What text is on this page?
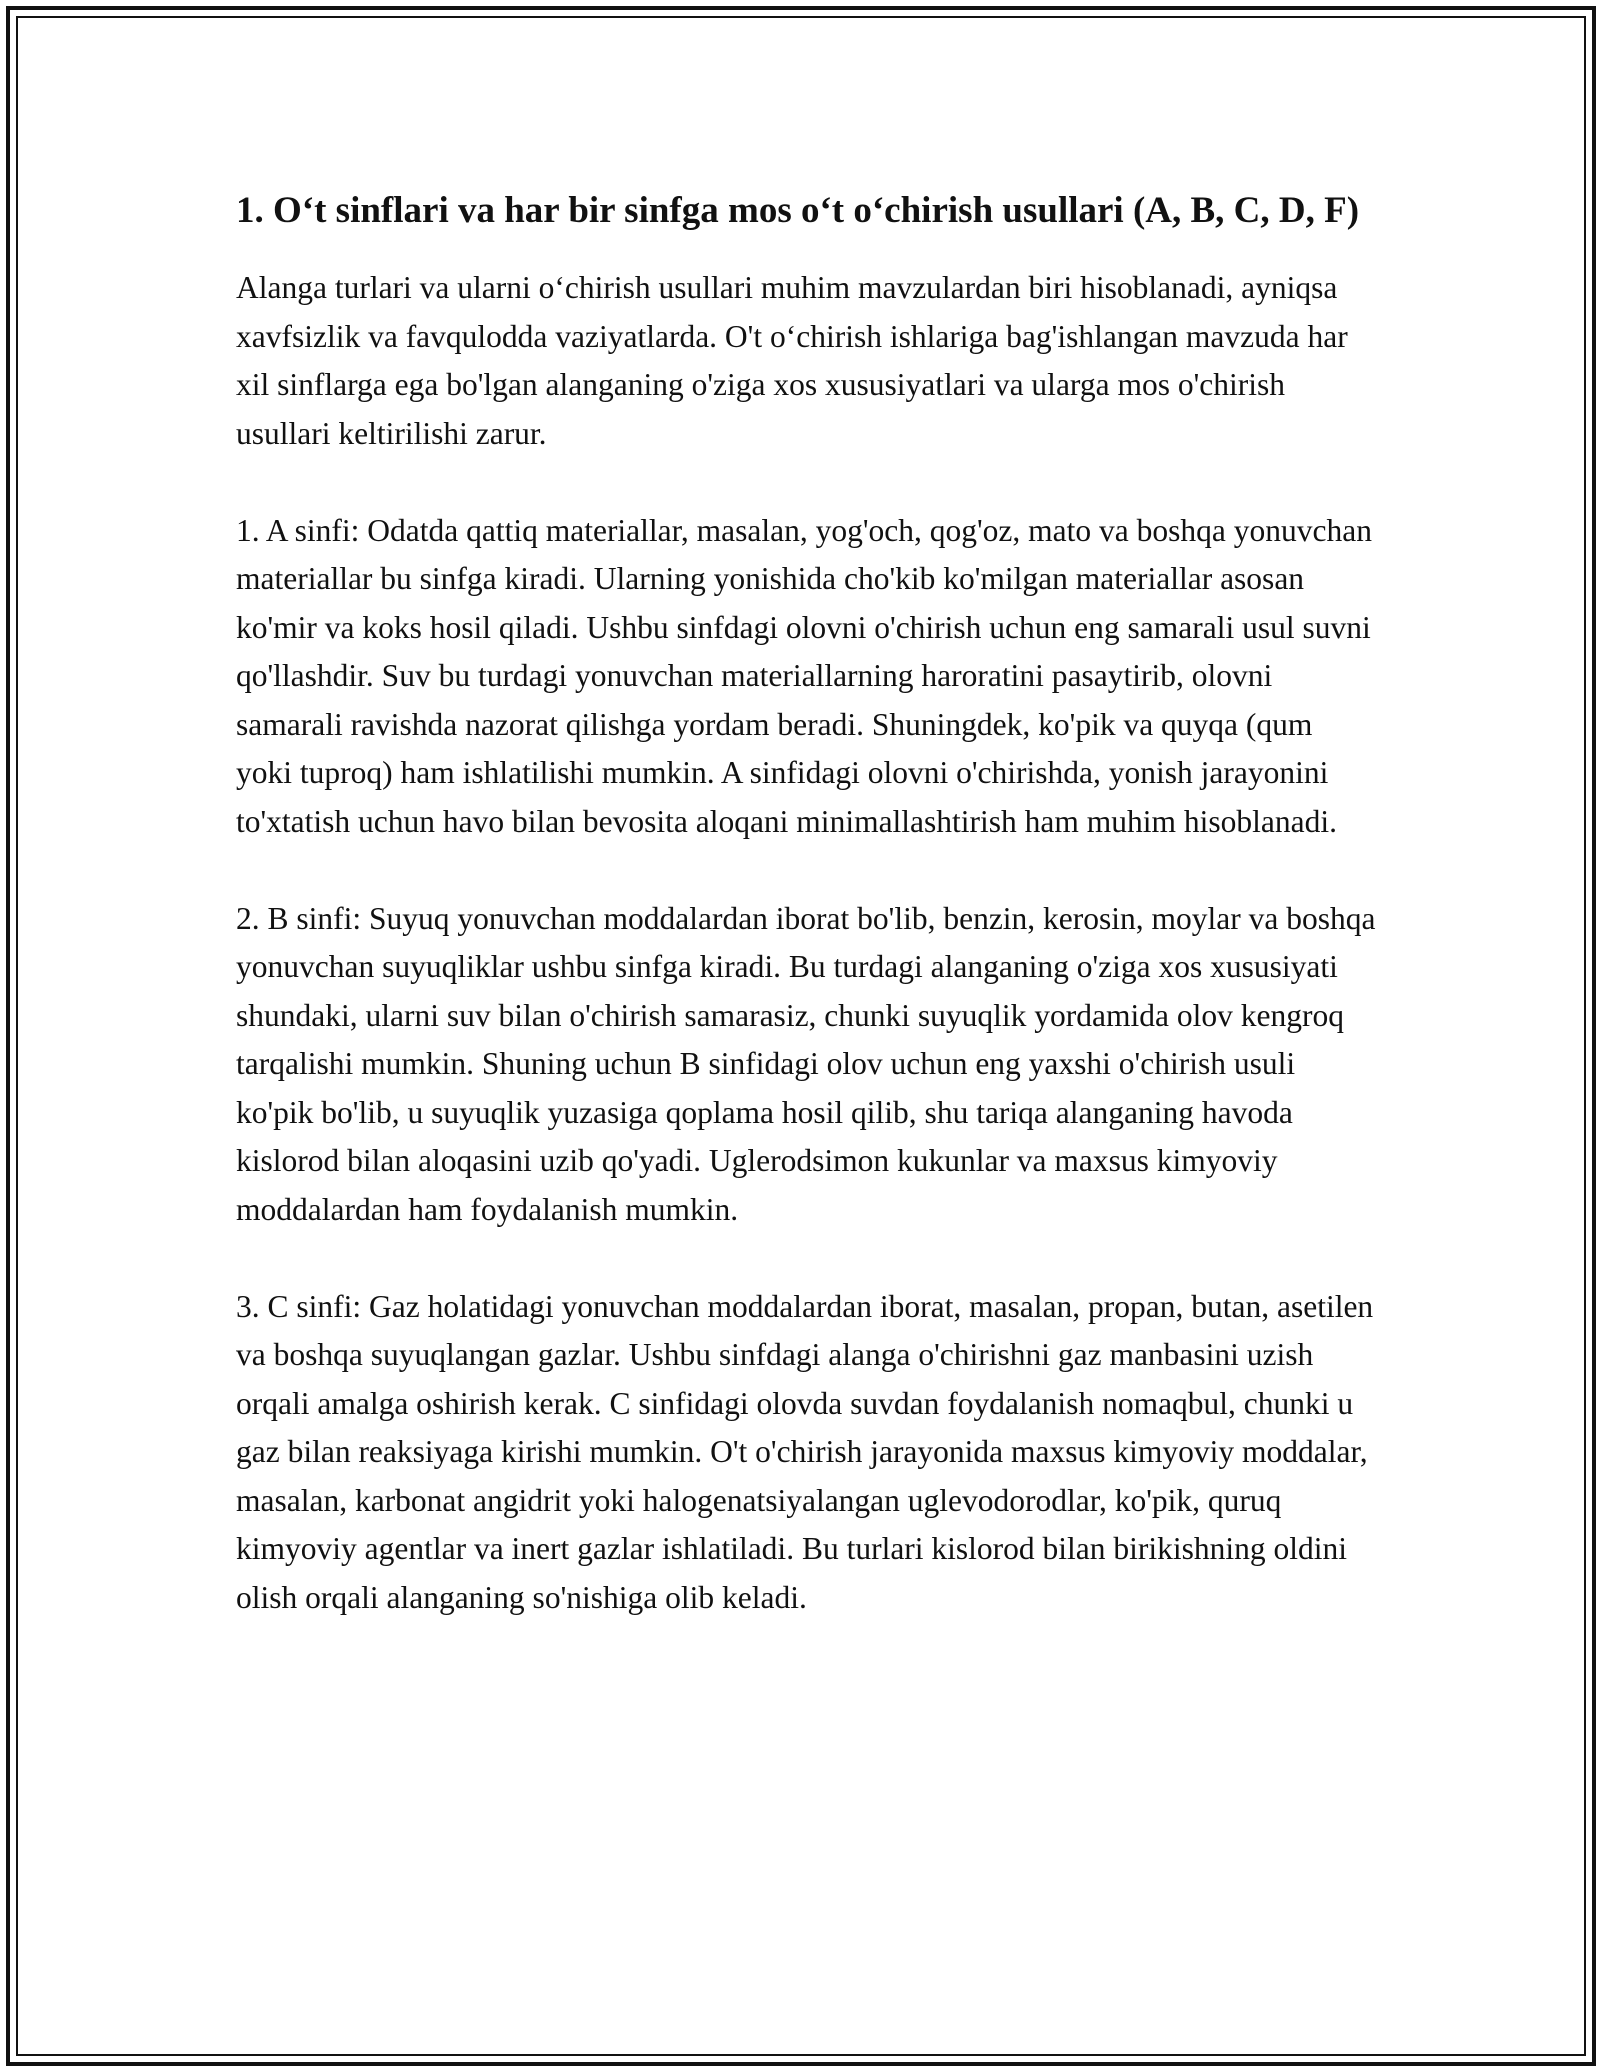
1. O‘t sinflari va har bir sinfga mos o‘t o‘chirish usullari (A, B, C, D, F)

Alanga turlari va ularni o‘chirish usullari muhim mavzulardan biri hisoblanadi, ayniqsa xavfsizlik va favqulodda vaziyatlarda. O't o‘chirish ishlariga bag'ishlangan mavzuda har xil sinflarga ega bo'lgan alanganing o'ziga xos xususiyatlari va ularga mos o'chirish usullari keltirilishi zarur.

1. A sinfi: Odatda qattiq materiallar, masalan, yog'och, qog'oz, mato va boshqa yonuvchan materiallar bu sinfga kiradi. Ularning yonishida cho'kib ko'milgan materiallar asosan ko'mir va koks hosil qiladi. Ushbu sinfdagi olovni o'chirish uchun eng samarali usul suvni qo'llashdir. Suv bu turdagi yonuvchan materiallarning haroratini pasaytirib, olovni samarali ravishda nazorat qilishga yordam beradi. Shuningdek, ko'pik va quyqa (qum yoki tuproq) ham ishlatilishi mumkin. A sinfidagi olovni o'chirishda, yonish jarayonini to'xtatish uchun havo bilan bevosita aloqani minimallashtirish ham muhim hisoblanadi.

2. B sinfi: Suyuq yonuvchan moddalardan iborat bo'lib, benzin, kerosin, moylar va boshqa yonuvchan suyuqliklar ushbu sinfga kiradi. Bu turdagi alanganing o'ziga xos xususiyati shundaki, ularni suv bilan o'chirish samarasiz, chunki suyuqlik yordamida olov kengroq tarqalishi mumkin. Shuning uchun B sinfidagi olov uchun eng yaxshi o'chirish usuli ko'pik bo'lib, u suyuqlik yuzasiga qoplama hosil qilib, shu tariqa alanganing havoda kislorod bilan aloqasini uzib qo'yadi. Uglerodsimon kukunlar va maxsus kimyoviy moddalardan ham foydalanish mumkin.

3. C sinfi: Gaz holatidagi yonuvchan moddalardan iborat, masalan, propan, butan, asetilen va boshqa suyuqlangan gazlar. Ushbu sinfdagi alanga o'chirishni gaz manbasini uzish orqali amalga oshirish kerak. C sinfidagi olovda suvdan foydalanish nomaqbul, chunki u gaz bilan reaksiyaga kirishi mumkin. O't o'chirish jarayonida maxsus kimyoviy moddalar, masalan, karbonat angidrit yoki halogenatsiyalangan uglevodorodlar, ko'pik, quruq kimyoviy agentlar va inert gazlar ishlatiladi. Bu turlari kislorod bilan birikishning oldini olish orqali alanganing so'nishiga olib keladi.
